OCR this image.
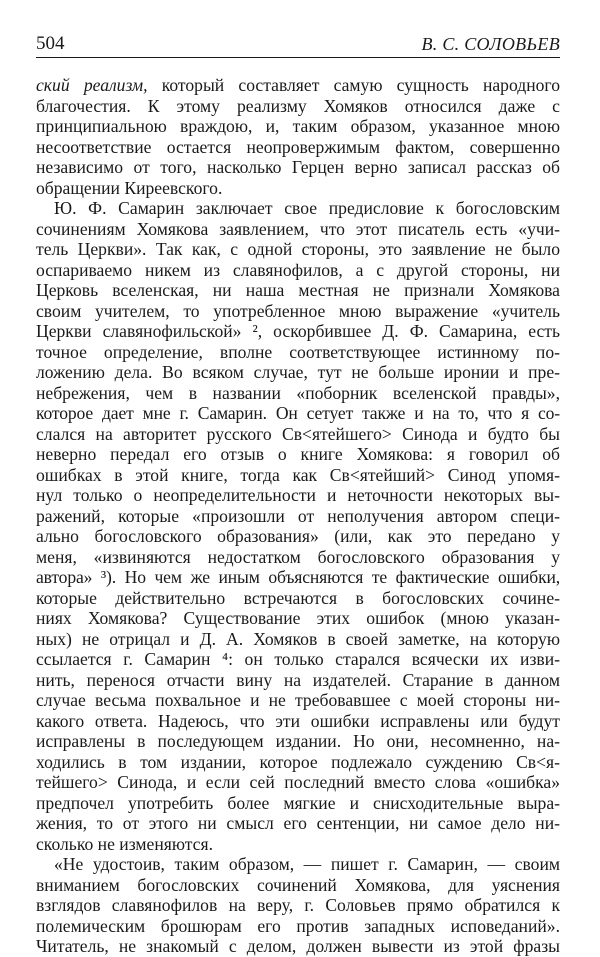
504	В. С. СОЛОВЬЕВ
ский реализм, который составляет самую сущность народного
благочестия. К этому реализму Хомяков относился даже с
принципиальною враждою, и, таким образом, указанное мною
несоответствие остается неопровержимым фактом, совершенно
независимо от того, насколько Герцен верно записал рассказ об
обращении Киреевского.
Ю. Ф. Самарин заключает свое предисловие к богословским
сочинениям Хомякова заявлением, что этот писатель есть «учи-
тель Церкви». Так как, с одной стороны, это заявление не было
оспариваемо никем из славянофилов, а с другой стороны, ни
Церковь вселенская, ни наша местная не признали Хомякова
своим учителем, то употребленное мною выражение «учитель
Церкви славянофильской» ², оскорбившее Д. Ф. Самарина, есть
точное определение, вполне соответствующее истинному по-
ложению дела. Во всяком случае, тут не больше иронии и пре-
небрежения, чем в названии «поборник вселенской правды»,
которое дает мне г. Самарин. Он сетует также и на то, что я со-
слался на авторитет русского Св<ятейшего> Синода и будто бы
неверно передал его отзыв о книге Хомякова: я говорил об
ошибках в этой книге, тогда как Св<ятейший> Синод упомя-
нул только о неопределительности и неточности некоторых вы-
ражений, которые «произошли от неполучения автором специ-
ально богословского образования» (или, как это передано у
меня, «извиняются недостатком богословского образования у
автора» ³). Но чем же иным объясняются те фактические ошибки,
которые действительно встречаются в богословских сочине-
ниях Хомякова? Существование этих ошибок (мною указан-
ных) не отрицал и Д. А. Хомяков в своей заметке, на которую
ссылается г. Самарин ⁴: он только старался всячески их изви-
нить, перенося отчасти вину на издателей. Старание в данном
случае весьма похвальное и не требовавшее с моей стороны ни-
какого ответа. Надеюсь, что эти ошибки исправлены или будут
исправлены в последующем издании. Но они, несомненно, на-
ходились в том издании, которое подлежало суждению Св<я-
тейшего> Синода, и если сей последний вместо слова «ошибка»
предпочел употребить более мягкие и снисходительные выра-
жения, то от этого ни смысл его сентенции, ни самое дело ни-
сколько не изменяются.
«Не удостоив, таким образом, — пишет г. Самарин, — своим
вниманием богословских сочинений Хомякова, для уяснения
взглядов славянофилов на веру, г. Соловьев прямо обратился к
полемическим брошюрам его против западных исповеданий».
Читатель, не знакомый с делом, должен вывести из этой фразы
